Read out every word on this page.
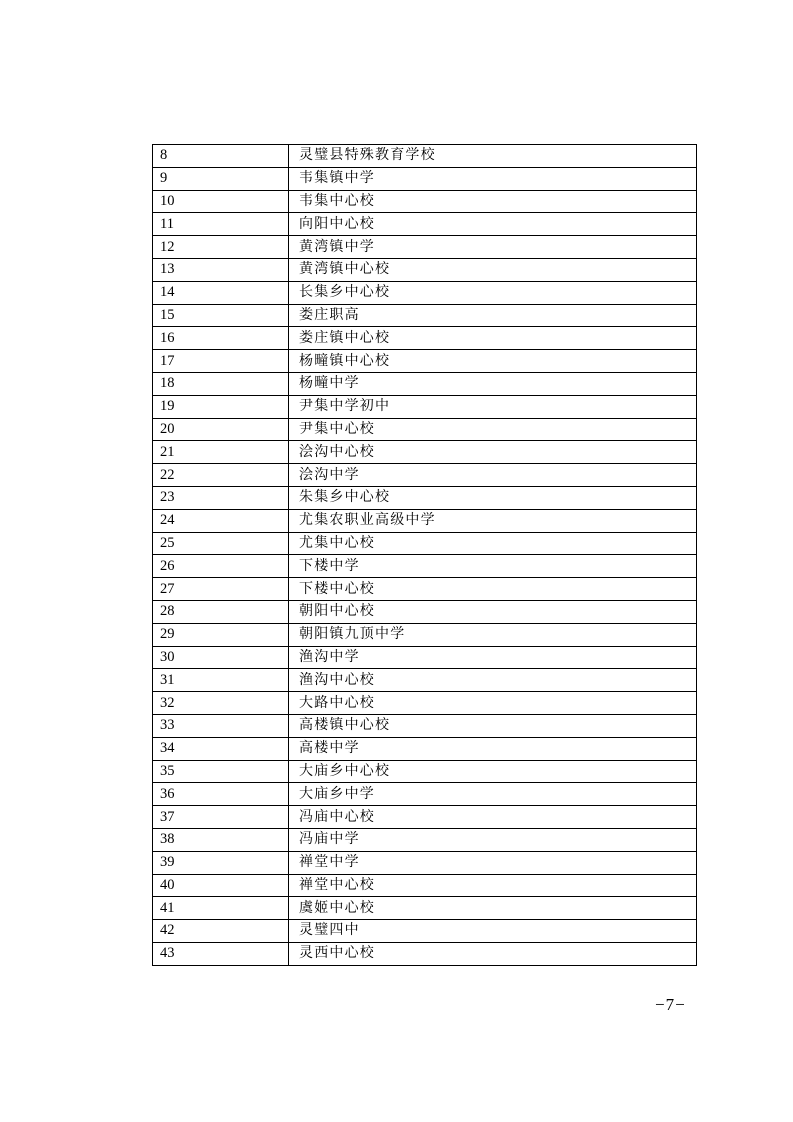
8	灵璧县特殊教育学校
9	韦集镇中学
10	韦集中心校
11	向阳中心校
12	黄湾镇中学
13	黄湾镇中心校
14	长集乡中心校
15	娄庄职高
16	娄庄镇中心校
17	杨疃镇中心校
18	杨疃中学
19	尹集中学初中
20	尹集中心校
21	浍沟中心校
22	浍沟中学
23	朱集乡中心校
24	尤集农职业高级中学
25	尤集中心校
26	下楼中学
27	下楼中心校
28	朝阳中心校
29	朝阳镇九顶中学
30	渔沟中学
31	渔沟中心校
32	大路中心校
33	高楼镇中心校
34	高楼中学
35	大庙乡中心校
36	大庙乡中学
37	冯庙中心校
38	冯庙中学
39	禅堂中学
40	禅堂中心校
41	虞姬中心校
42	灵璧四中
43	灵西中心校
−7−
